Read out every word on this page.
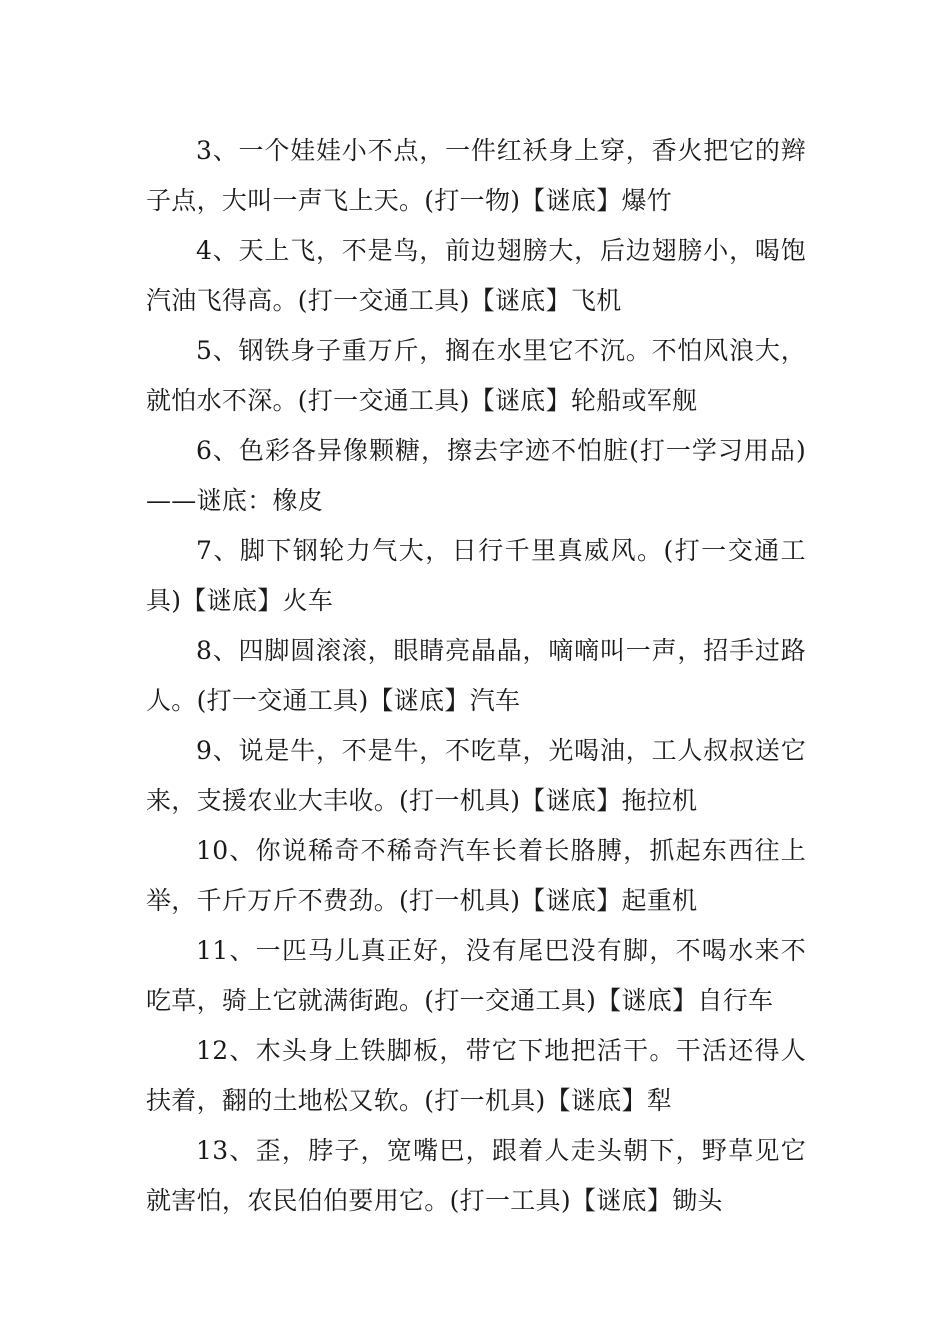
3、一个娃娃小不点，一件红袄身上穿，香火把它的辫子点，大叫一声飞上天。(打一物)【谜底】爆竹

4、天上飞，不是鸟，前边翅膀大，后边翅膀小，喝饱汽油飞得高。(打一交通工具)【谜底】飞机

5、钢铁身子重万斤，搁在水里它不沉。不怕风浪大，就怕水不深。(打一交通工具)【谜底】轮船或军舰

6、色彩各异像颗糖，擦去字迹不怕脏(打一学习用品)——谜底：橡皮

7、脚下钢轮力气大，日行千里真威风。(打一交通工具)【谜底】火车

8、四脚圆滚滚，眼睛亮晶晶，嘀嘀叫一声，招手过路人。(打一交通工具)【谜底】汽车

9、说是牛，不是牛，不吃草，光喝油，工人叔叔送它来，支援农业大丰收。(打一机具)【谜底】拖拉机

10、你说稀奇不稀奇汽车长着长胳膊，抓起东西往上举，千斤万斤不费劲。(打一机具)【谜底】起重机

11、一匹马儿真正好，没有尾巴没有脚，不喝水来不吃草，骑上它就满街跑。(打一交通工具)【谜底】自行车

12、木头身上铁脚板，带它下地把活干。干活还得人扶着，翻的土地松又软。(打一机具)【谜底】犁

13、歪，脖子，宽嘴巴，跟着人走头朝下，野草见它就害怕，农民伯伯要用它。(打一工具)【谜底】锄头
